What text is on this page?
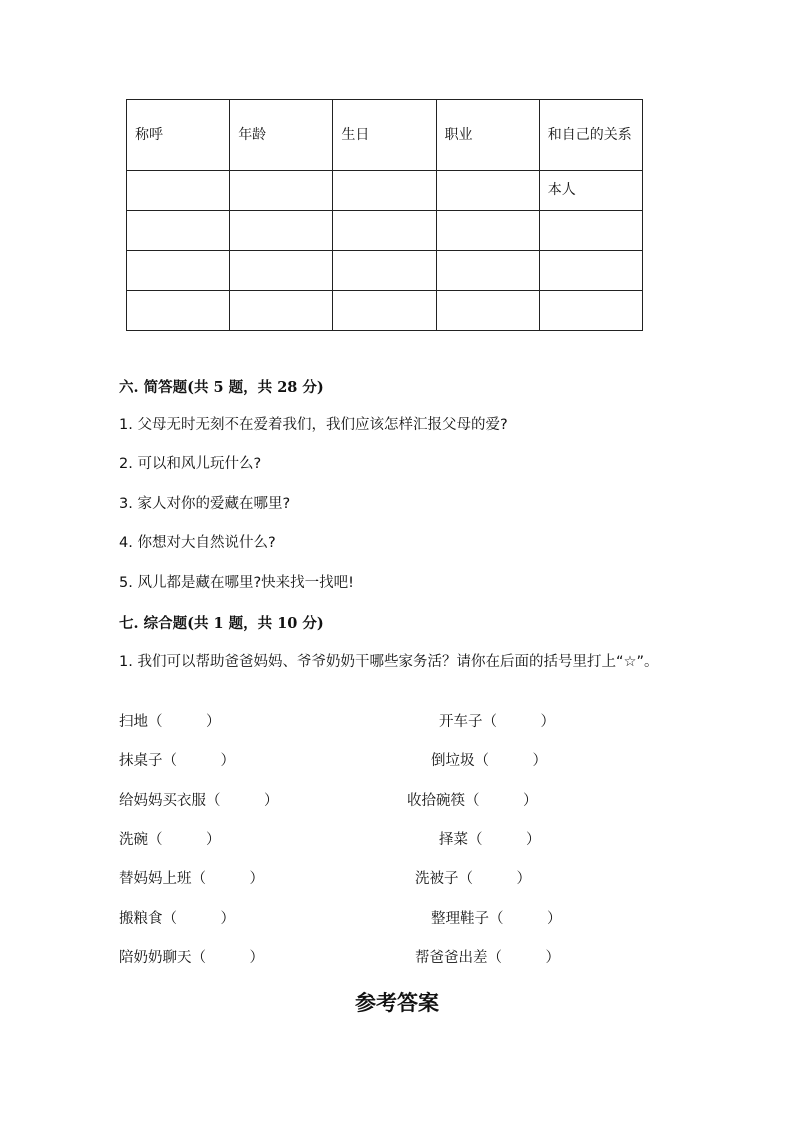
称呼	年龄	生日	职业	和自己的关系
				本人

六. 简答题(共 5 题，共 28 分)
1. 父母无时无刻不在爱着我们，我们应该怎样汇报父母的爱?
2. 可以和风儿玩什么?
3. 家人对你的爱藏在哪里?
4. 你想对大自然说什么?
5. 风儿都是藏在哪里?快来找一找吧!
七. 综合题(共 1 题，共 10 分)
1. 我们可以帮助爸爸妈妈、爷爷奶奶干哪些家务活？请你在后面的括号里打上“☆”。
扫地（　　　）
抹桌子（　　　）
给妈妈买衣服（　　　）
洗碗（　　　）
替妈妈上班（　　　）
搬粮食（　　　）
陪奶奶聊天（　　　）
开车子（　　　）
倒垃圾（　　　）
收拾碗筷（　　　）
择菜（　　　）
洗被子（　　　）
整理鞋子（　　　）
帮爸爸出差（　　　）
参考答案
